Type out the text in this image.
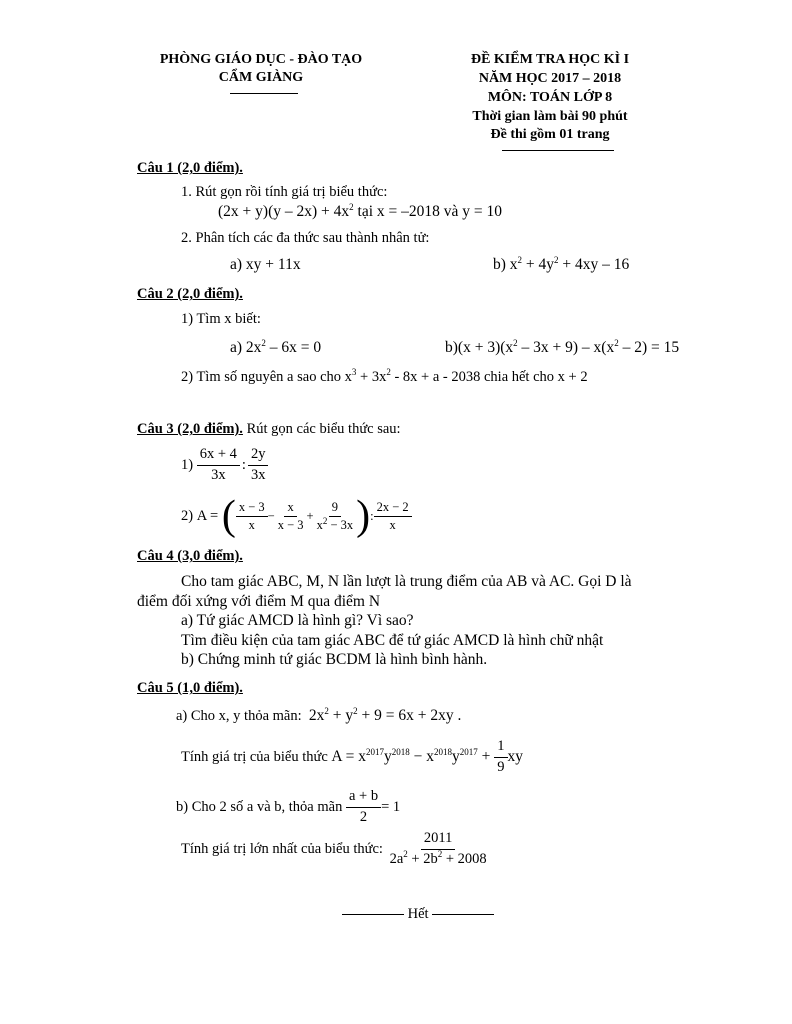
PHÒNG GIÁO DỤC - ĐÀO TẠO
CẨM GIÀNG
ĐỀ KIỂM TRA HỌC KÌ I
NĂM HỌC 2017 – 2018
MÔN: TOÁN LỚP 8
Thời gian làm bài 90 phút
Đề thi gồm 01 trang
Câu 1 (2,0 điểm).
1. Rút gọn rồi tính giá trị biểu thức:
$(2x + y)(y - 2x) + 4x^2$ tại x = –2018 và y = 10
2. Phân tích các đa thức sau thành nhân tử:
a) xy + 11x	b) $x^2 + 4y^2 + 4xy - 16$
Câu 2 (2,0 điểm).
1) Tìm x biết:
a) $2x^2 - 6x = 0$	$b)(x + 3)(x^2 - 3x + 9) - x(x^2 - 2) = 15$
2) Tìm số nguyên a sao cho $x^3 + 3x^2 - 8x + a - 2038$ chia hết cho x + 2
Câu 3 (2,0 điểm). Rút gọn các biểu thức sau:
1)
$\frac{6x + 4}{3x}$ : $\frac{2y}{3x}$
2) A = ( $\frac{x - 3}{x} - \frac{x}{x - 3} + \frac{9}{x^2 - 3x}$ ) : $\frac{2x - 2}{x}$
Câu 4 (3,0 điểm).
Cho tam giác ABC, M, N lần lượt là trung điểm của AB và AC. Gọi D là
điểm đối xứng với điểm M qua điểm N
a) Tứ giác AMCD là hình gì? Vì sao?
Tìm điều kiện của tam giác ABC để tứ giác AMCD là hình chữ nhật
b) Chứng minh tứ giác BCDM là hình bình hành.
Câu 5 (1,0 điểm).
a) Cho x, y thỏa mãn: $2x^2 + y^2 + 9 = 6x + 2xy$ .
Tính giá trị của biểu thức
$A = x^{2017}y^{2018} - x^{2018}y^{2017} + \frac{1}{9}$ xy
b) Cho 2 số a và b, thỏa mãn
$\frac{a + b}{2} = 1$
Tính giá trị lớn nhất của biểu thức:
$\frac{2011}{2a^2 + 2b^2 + 2008}$
Hết
